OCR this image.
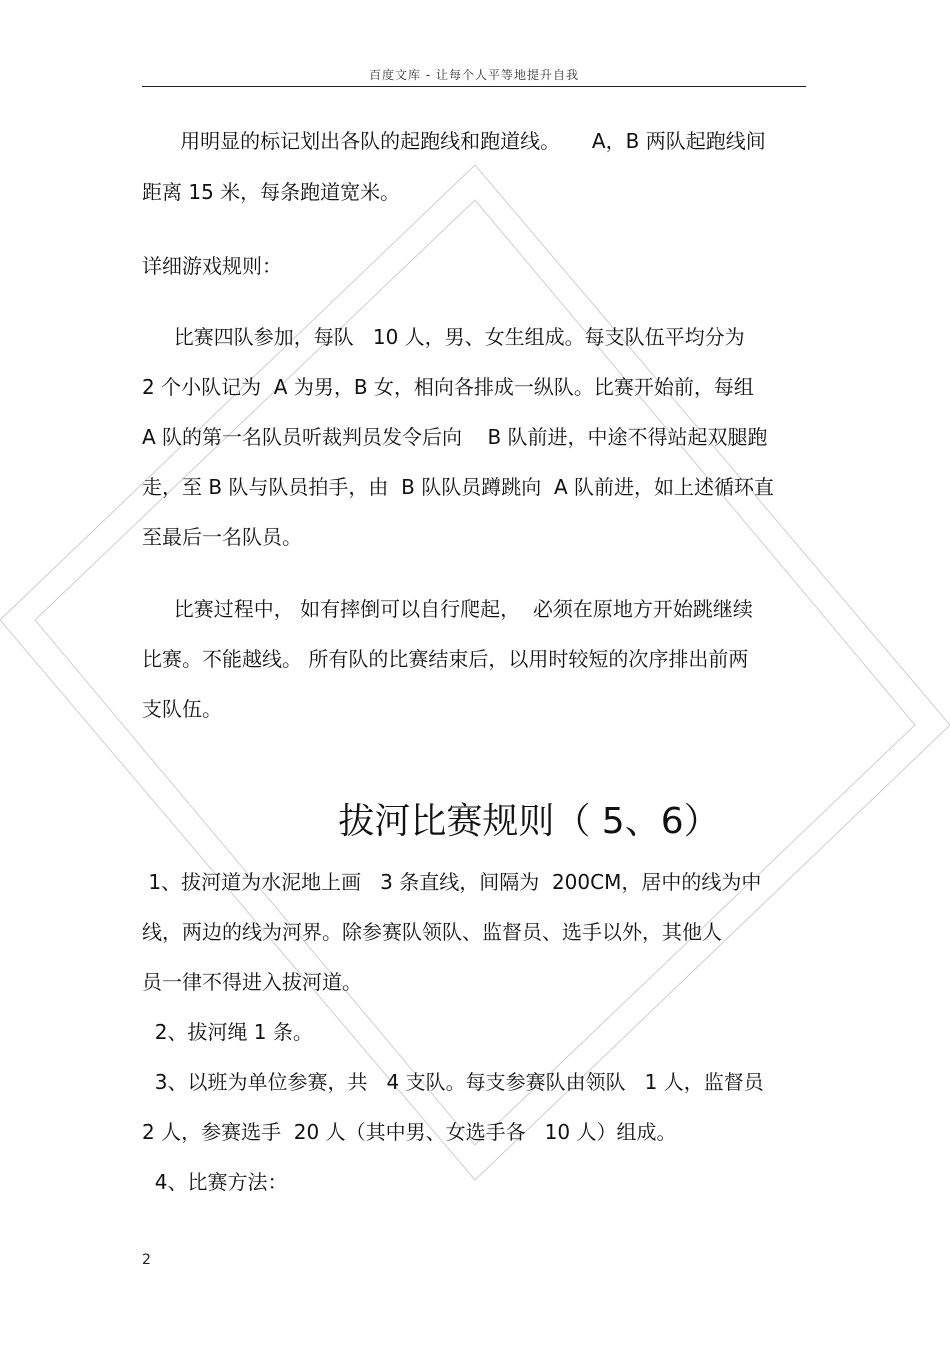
百度文库 - 让每个人平等地提升自我
用明显的标记划出各队的起跑线和跑道线。     A，B 两队起跑线间
距离 15 米，每条跑道宽米。
详细游戏规则：
比赛四队参加，每队   10 人，男、女生组成。每支队伍平均分为
2 个小队记为  A 为男，B 女，相向各排成一纵队。比赛开始前，每组
A 队的第一名队员听裁判员发令后向    B 队前进，中途不得站起双腿跑
走，至 B 队与队员拍手，由  B 队队员蹲跳向  A 队前进，如上述循环直
至最后一名队员。
比赛过程中， 如有摔倒可以自行爬起，  必须在原地方开始跳继续
比赛。不能越线。 所有队的比赛结束后，以用时较短的次序排出前两
支队伍。
拔河比赛规则（ 5、6）
1、拔河道为水泥地上画   3 条直线，间隔为  200CM，居中的线为中
线，两边的线为河界。除参赛队领队、监督员、选手以外，其他人
员一律不得进入拔河道。
2、拔河绳 1 条。
3、以班为单位参赛，共   4 支队。每支参赛队由领队   1 人，监督员
2 人，参赛选手  20 人（其中男、女选手各   10 人）组成。
4、比赛方法：
2
